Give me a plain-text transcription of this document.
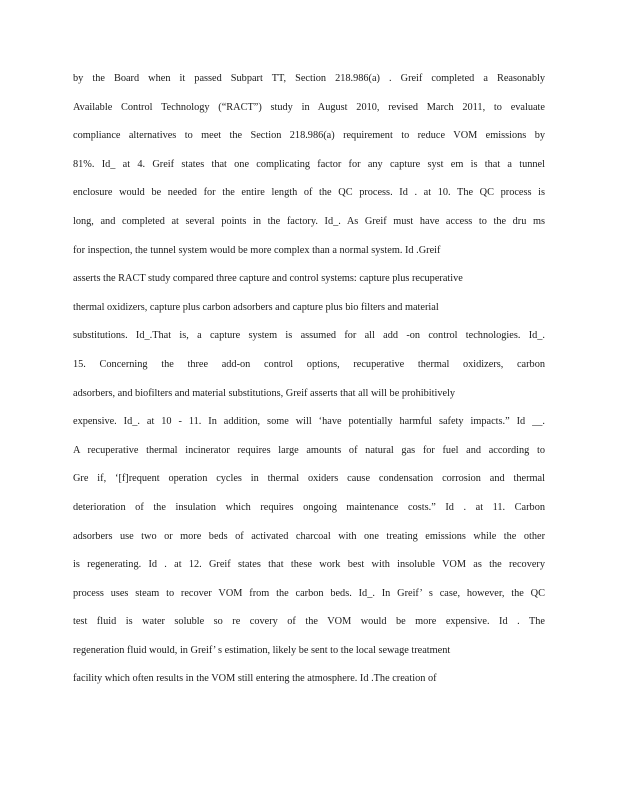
by the Board when it passed Subpart TT, Section 218.986(a) . Greif completed a Reasonably
Available Control Technology (“RACT”) study in August 2010, revised March 2011, to evaluate
compliance alternatives to meet the Section 218.986(a) requirement to reduce VOM emissions by
81%. Id_ at 4. Greif states that one complicating factor for any capture syst em is that a tunnel
enclosure would be needed for the entire length of the QC process. Id . at 10. The QC process is
long, and completed at several points in the factory. Id_. As Greif must have access to the dru ms
for inspection, the tunnel system would be more complex than a normal system. Id .Greif
asserts the RACT study compared three capture and control systems: capture plus recuperative
thermal oxidizers, capture plus carbon adsorbers and capture plus bio filters and material
substitutions. Id_.That is, a capture system is assumed for all add -on control technologies. Id_.
15. Concerning the three add-on control options, recuperative thermal oxidizers, carbon
adsorbers, and biofilters and material substitutions, Greif asserts that all will be prohibitively
expensive. Id_. at 10 - 11. In addition, some will ‘have potentially harmful safety impacts.” Id __.
A recuperative thermal incinerator requires large amounts of natural gas for fuel and according to
Gre if, ‘[f]requent operation cycles in thermal oxiders cause condensation corrosion and thermal
deterioration of the insulation which requires ongoing maintenance costs.” Id . at 11. Carbon
adsorbers use two or more beds of activated charcoal with one treating emissions while the other
is regenerating. Id . at 12. Greif states that these work best with insoluble VOM as the recovery
process uses steam to recover VOM from the carbon beds. Id_. In Greif’ s case, however, the QC
test fluid is water soluble so re covery of the VOM would be more expensive. Id . The
regeneration fluid would, in Greif’ s estimation, likely be sent to the local sewage treatment
facility which often results in the VOM still entering the atmosphere. Id .The creation of
